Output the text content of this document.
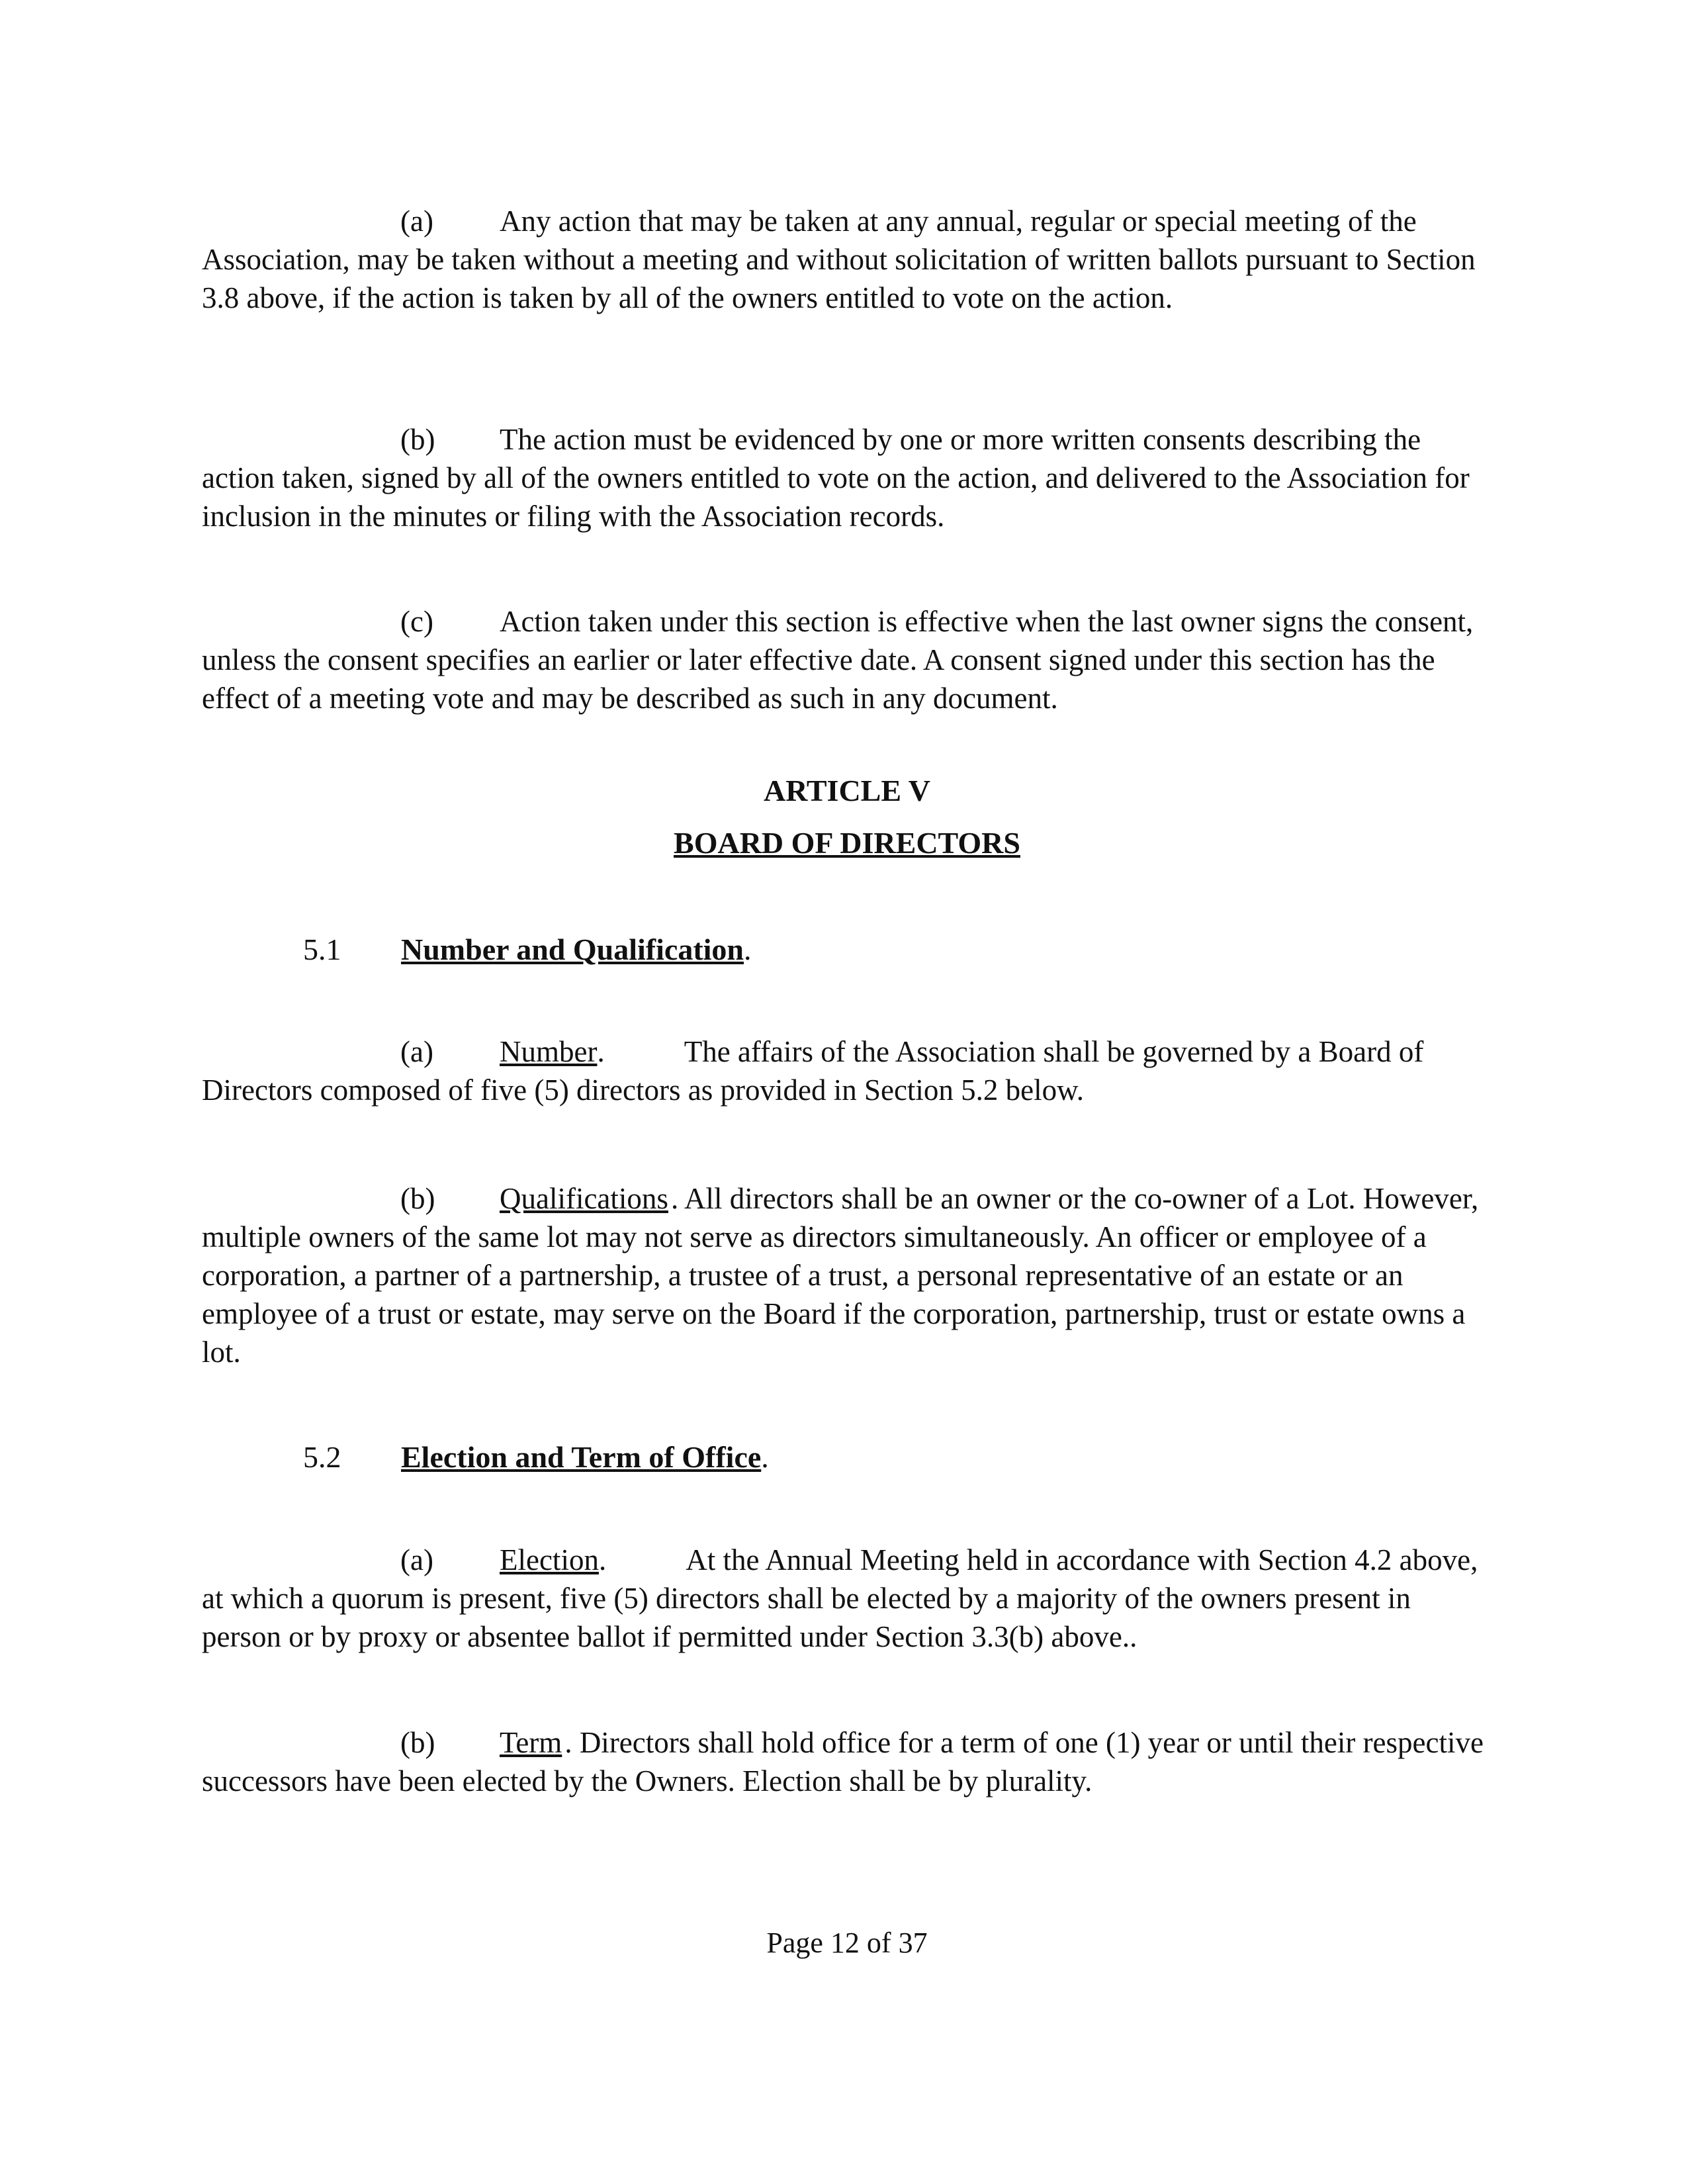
(a) Any action that may be taken at any annual, regular or special meeting of the Association, may be taken without a meeting and without solicitation of written ballots pursuant to Section 3.8 above, if the action is taken by all of the owners entitled to vote on the action.

(b) The action must be evidenced by one or more written consents describing the action taken, signed by all of the owners entitled to vote on the action, and delivered to the Association for inclusion in the minutes or filing with the Association records.

(c) Action taken under this section is effective when the last owner signs the consent, unless the consent specifies an earlier or later effective date. A consent signed under this section has the effect of a meeting vote and may be described as such in any document.

ARTICLE V

BOARD OF DIRECTORS

5.1 Number and Qualification.

(a) Number.	The affairs of the Association shall be governed by a Board of Directors composed of five (5) directors as provided in Section 5.2 below.

(b) Qualifications. All directors shall be an owner or the co-owner of a Lot. However, multiple owners of the same lot may not serve as directors simultaneously. An officer or employee of a corporation, a partner of a partnership, a trustee of a trust, a personal representative of an estate or an employee of a trust or estate, may serve on the Board if the corporation, partnership, trust or estate owns a lot.

5.2 Election and Term of Office.

(a) Election.	At the Annual Meeting held in accordance with Section 4.2 above, at which a quorum is present, five (5) directors shall be elected by a majority of the owners present in person or by proxy or absentee ballot if permitted under Section 3.3(b) above..

(b) Term. Directors shall hold office for a term of one (1) year or until their respective successors have been elected by the Owners. Election shall be by plurality.

Page 12 of 37
